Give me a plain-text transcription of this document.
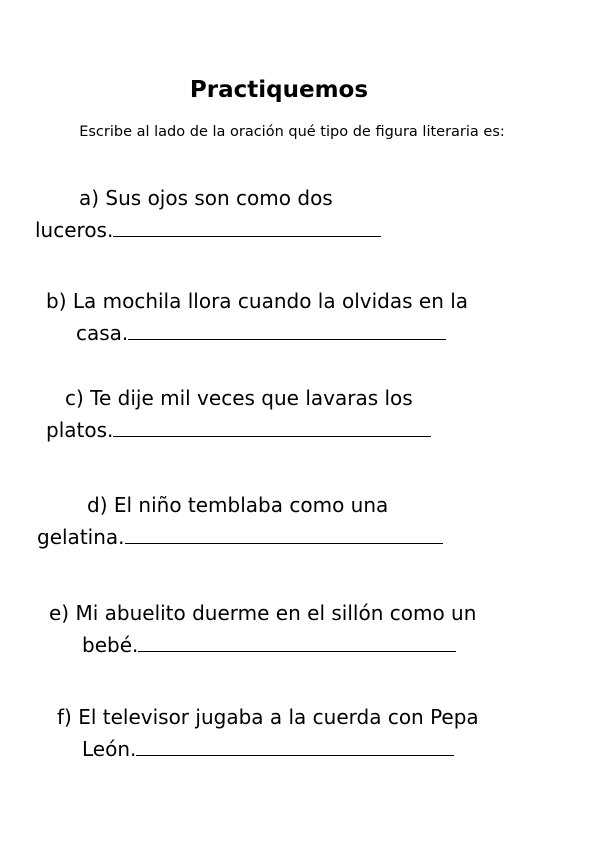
Practiquemos
Escribe al lado de la oración qué tipo de figura literaria es:
a) Sus ojos son como dos
luceros.
b) La mochila llora cuando la olvidas en la
casa.
c) Te dije mil veces que lavaras los
platos.
d) El niño temblaba como una
gelatina.
e) Mi abuelito duerme en el sillón como un
bebé.
f) El televisor jugaba a la cuerda con Pepa
León.
